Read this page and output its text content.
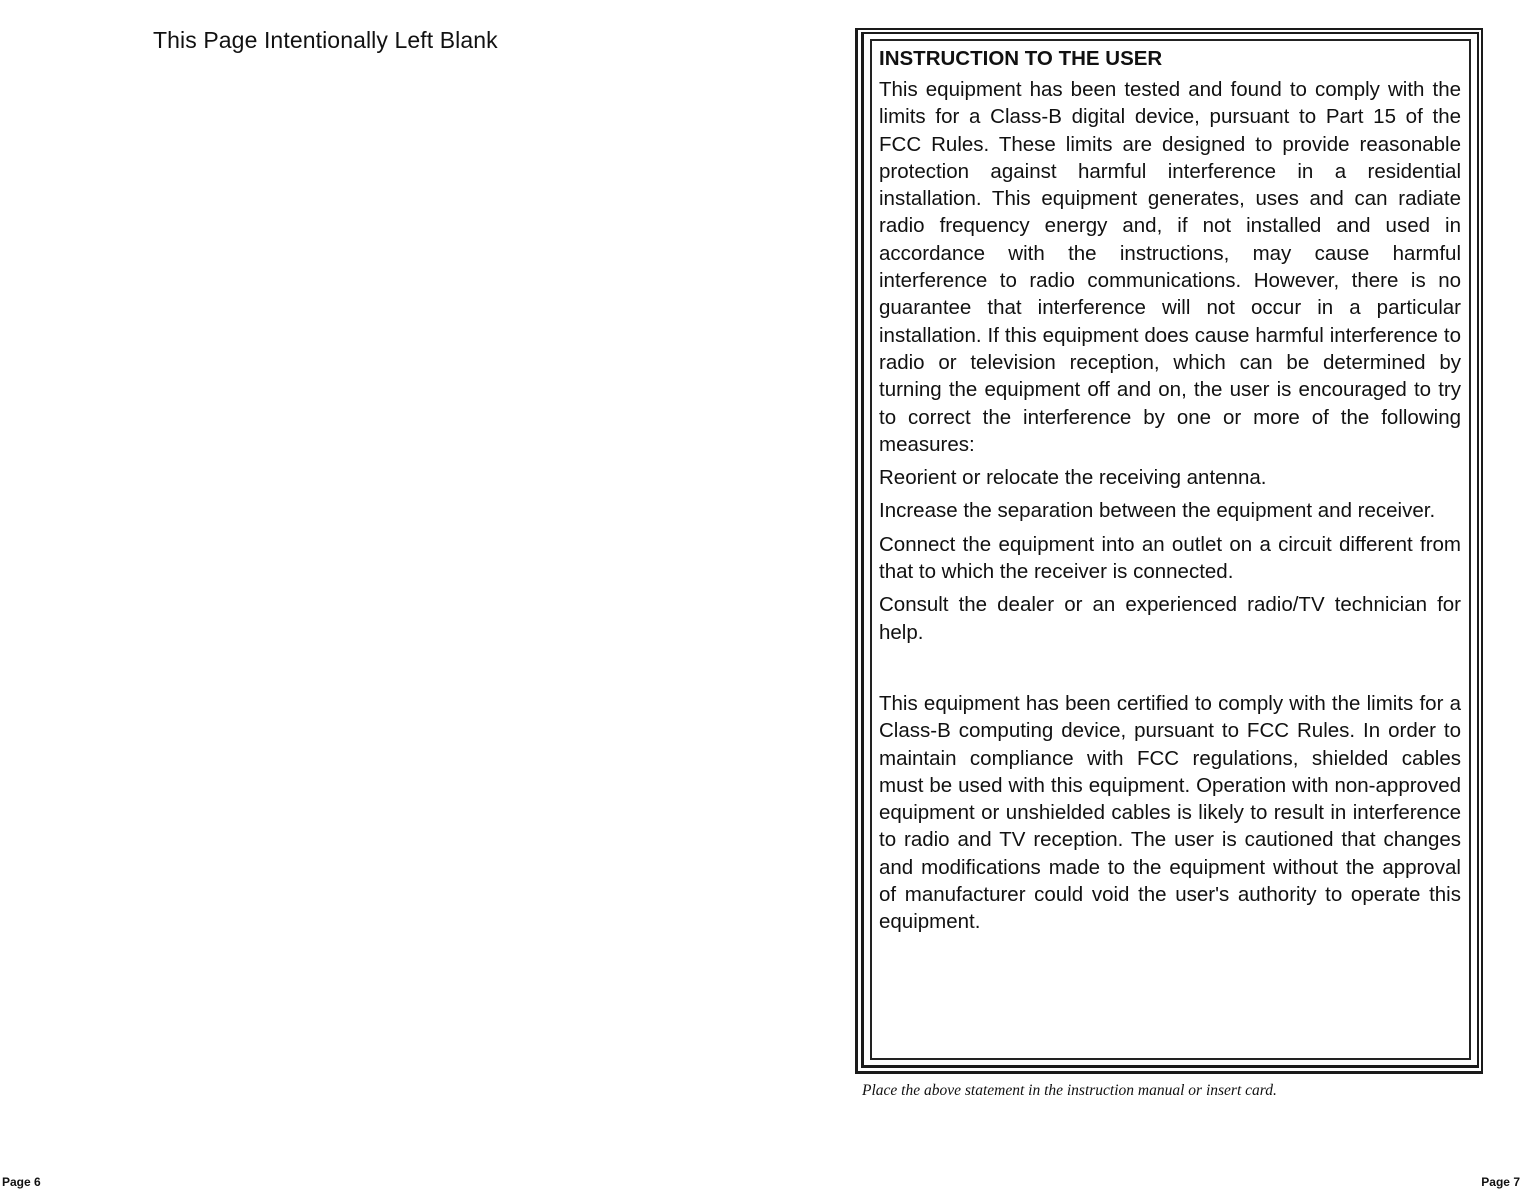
This Page Intentionally Left Blank
Page 6
INSTRUCTION TO THE USER

This equipment has been tested and found to comply with the limits for a Class-B digital device, pursuant to Part 15 of the FCC Rules. These limits are designed to provide reasonable protection against harmful interference in a residential installation. This equipment generates, uses and can radiate radio frequency energy and, if not installed and used in accordance with the instructions, may cause harmful interference to radio communications. However, there is no guarantee that interference will not occur in a particular installation. If this equipment does cause harmful interference to radio or television reception, which can be determined by turning the equipment off and on, the user is encouraged to try to correct the interference by one or more of the following measures:

Reorient or relocate the receiving antenna.

Increase the separation between the equipment and receiver.

Connect the equipment into an outlet on a circuit different from that to which the receiver is connected.

Consult the dealer or an experienced radio/TV technician for help.

This equipment has been certified to comply with the limits for a Class-B computing device, pursuant to FCC Rules. In order to maintain compliance with FCC regulations, shielded cables must be used with this equipment. Operation with non-approved equipment or unshielded cables is likely to result in interference to radio and TV reception. The user is cautioned that changes and modifications made to the equipment without the approval of manufacturer could void the user's authority to operate this equipment.

Place the above statement in the instruction manual or insert card.
Page 7
